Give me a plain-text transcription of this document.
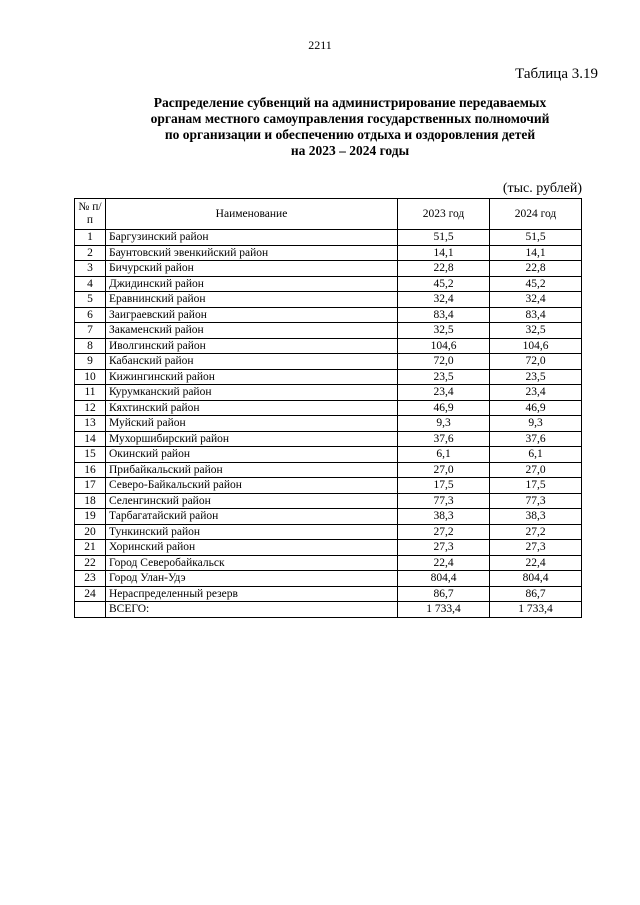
2211
Таблица 3.19
Распределение субвенций на администрирование передаваемых
органам местного самоуправления государственных полномочий
по организации и обеспечению отдыха и оздоровления детей
на 2023 – 2024 годы
(тыс. рублей)
№ п/п	Наименование	2023 год	2024 год
1	Баргузинский район	51,5	51,5
2	Баунтовский эвенкийский район	14,1	14,1
3	Бичурский район	22,8	22,8
4	Джидинский район	45,2	45,2
5	Еравнинский район	32,4	32,4
6	Заиграевский район	83,4	83,4
7	Закаменский район	32,5	32,5
8	Иволгинский район	104,6	104,6
9	Кабанский район	72,0	72,0
10	Кижингинский район	23,5	23,5
11	Курумканский район	23,4	23,4
12	Кяхтинский район	46,9	46,9
13	Муйский район	9,3	9,3
14	Мухоршибирский район	37,6	37,6
15	Окинский район	6,1	6,1
16	Прибайкальский район	27,0	27,0
17	Северо-Байкальский район	17,5	17,5
18	Селенгинский район	77,3	77,3
19	Тарбагатайский район	38,3	38,3
20	Тункинский район	27,2	27,2
21	Хоринский район	27,3	27,3
22	Город Северобайкальск	22,4	22,4
23	Город Улан-Удэ	804,4	804,4
24	Нераспределенный резерв	86,7	86,7
	ВСЕГО:	1 733,4	1 733,4
